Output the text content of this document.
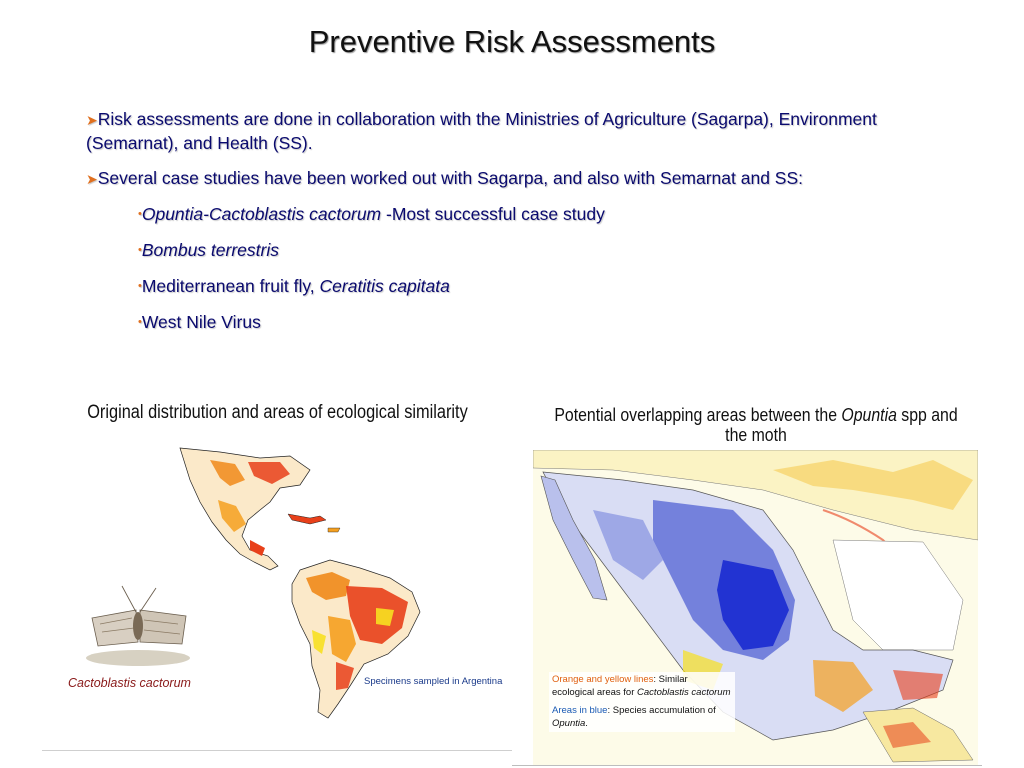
Preventive Risk Assessments
➤Risk assessments are done in collaboration with the Ministries of Agriculture (Sagarpa), Environment (Semarnat), and Health (SS).
➤Several case studies have been worked out with Sagarpa, and also with Semarnat and SS:
•Opuntia-Cactoblastis cactorum -Most successful case study
•Bombus terrestris
•Mediterranean fruit fly, Ceratitis capitata
•West Nile Virus
Original distribution and areas of ecological similarity	Potential overlapping areas between the Opuntia spp and the moth
Cactoblastis cactorum	Specimens sampled in Argentina	Orange and yellow lines: Similar ecological areas for Cactoblastis cactorum
Areas in blue: Species accumulation of Opuntia.
